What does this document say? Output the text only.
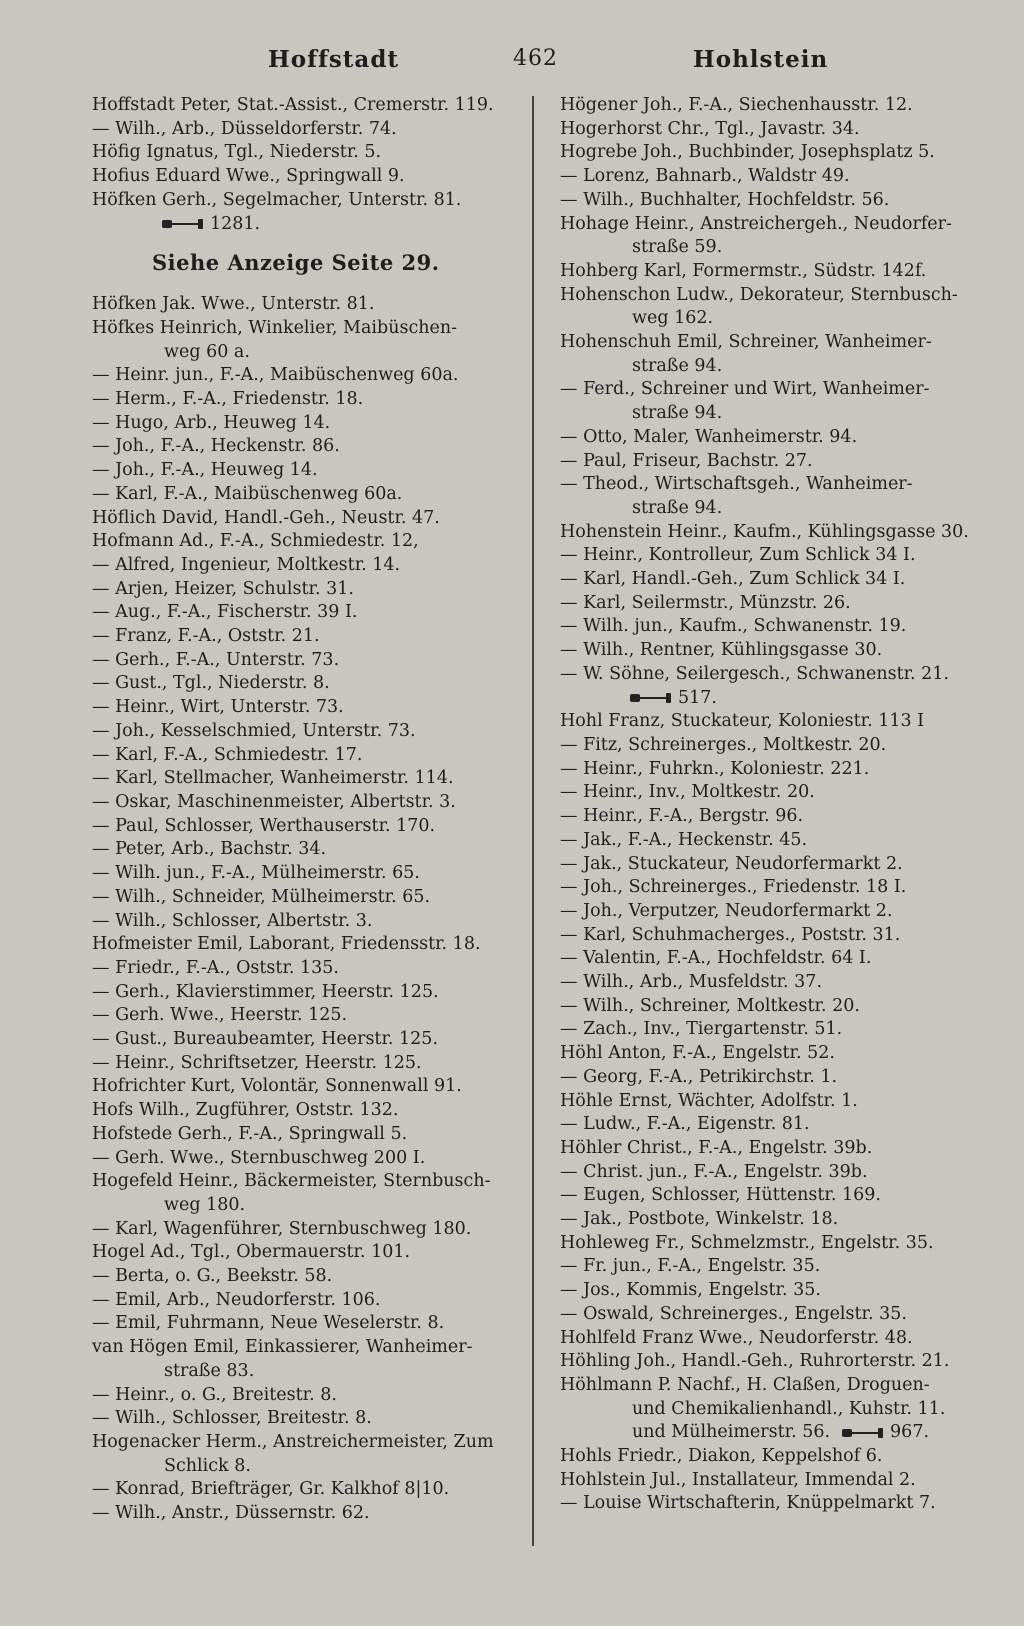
Hoffstadt	462	Hohlstein
Hoffstadt Peter, Stat.-Assist., Cremerstr. 119.
— Wilh., Arb., Düsseldorferstr. 74.
Höfig Ignatus, Tgl., Niederstr. 5.
Hofius Eduard Wwe., Springwall 9.
Höfken Gerh., Segelmacher, Unterstr. 81.
1281.
Siehe Anzeige Seite 29.
Höfken Jak. Wwe., Unterstr. 81.
Höfkes Heinrich, Winkelier, Maibüschen-
weg 60 a.
— Heinr. jun., F.-A., Maibüschenweg 60a.
— Herm., F.-A., Friedenstr. 18.
— Hugo, Arb., Heuweg 14.
— Joh., F.-A., Heckenstr. 86.
— Joh., F.-A., Heuweg 14.
— Karl, F.-A., Maibüschenweg 60a.
Höflich David, Handl.-Geh., Neustr. 47.
Hofmann Ad., F.-A., Schmiedestr. 12,
— Alfred, Ingenieur, Moltkestr. 14.
— Arjen, Heizer, Schulstr. 31.
— Aug., F.-A., Fischerstr. 39 I.
— Franz, F.-A., Oststr. 21.
— Gerh., F.-A., Unterstr. 73.
— Gust., Tgl., Niederstr. 8.
— Heinr., Wirt, Unterstr. 73.
— Joh., Kesselschmied, Unterstr. 73.
— Karl, F.-A., Schmiedestr. 17.
— Karl, Stellmacher, Wanheimerstr. 114.
— Oskar, Maschinenmeister, Albertstr. 3.
— Paul, Schlosser, Werthauserstr. 170.
— Peter, Arb., Bachstr. 34.
— Wilh. jun., F.-A., Mülheimerstr. 65.
— Wilh., Schneider, Mülheimerstr. 65.
— Wilh., Schlosser, Albertstr. 3.
Hofmeister Emil, Laborant, Friedensstr. 18.
— Friedr., F.-A., Oststr. 135.
— Gerh., Klavierstimmer, Heerstr. 125.
— Gerh. Wwe., Heerstr. 125.
— Gust., Bureaubeamter, Heerstr. 125.
— Heinr., Schriftsetzer, Heerstr. 125.
Hofrichter Kurt, Volontär, Sonnenwall 91.
Hofs Wilh., Zugführer, Oststr. 132.
Hofstede Gerh., F.-A., Springwall 5.
— Gerh. Wwe., Sternbuschweg 200 I.
Hogefeld Heinr., Bäckermeister, Sternbusch-
weg 180.
— Karl, Wagenführer, Sternbuschweg 180.
Hogel Ad., Tgl., Obermauerstr. 101.
— Berta, o. G., Beekstr. 58.
— Emil, Arb., Neudorferstr. 106.
— Emil, Fuhrmann, Neue Weselerstr. 8.
van Högen Emil, Einkassierer, Wanheimer-
straße 83.
— Heinr., o. G., Breitestr. 8.
— Wilh., Schlosser, Breitestr. 8.
Hogenacker Herm., Anstreichermeister, Zum
Schlick 8.
— Konrad, Briefträger, Gr. Kalkhof 8|10.
— Wilh., Anstr., Düssernstr. 62.
Högener Joh., F.-A., Siechenhausstr. 12.
Hogerhorst Chr., Tgl., Javastr. 34.
Hogrebe Joh., Buchbinder, Josephsplatz 5.
— Lorenz, Bahnarb., Waldstr 49.
— Wilh., Buchhalter, Hochfeldstr. 56.
Hohage Heinr., Anstreichergeh., Neudorfer-
straße 59.
Hohberg Karl, Formermstr., Südstr. 142f.
Hohenschon Ludw., Dekorateur, Sternbusch-
weg 162.
Hohenschuh Emil, Schreiner, Wanheimer-
straße 94.
— Ferd., Schreiner und Wirt, Wanheimer-
straße 94.
— Otto, Maler, Wanheimerstr. 94.
— Paul, Friseur, Bachstr. 27.
— Theod., Wirtschaftsgeh., Wanheimer-
straße 94.
Hohenstein Heinr., Kaufm., Kühlingsgasse 30.
— Heinr., Kontrolleur, Zum Schlick 34 I.
— Karl, Handl.-Geh., Zum Schlick 34 I.
— Karl, Seilermstr., Münzstr. 26.
— Wilh. jun., Kaufm., Schwanenstr. 19.
— Wilh., Rentner, Kühlingsgasse 30.
— W. Söhne, Seilergesch., Schwanenstr. 21.
517.
Hohl Franz, Stuckateur, Koloniestr. 113 I
— Fitz, Schreinerges., Moltkestr. 20.
— Heinr., Fuhrkn., Koloniestr. 221.
— Heinr., Inv., Moltkestr. 20.
— Heinr., F.-A., Bergstr. 96.
— Jak., F.-A., Heckenstr. 45.
— Jak., Stuckateur, Neudorfermarkt 2.
— Joh., Schreinerges., Friedenstr. 18 I.
— Joh., Verputzer, Neudorfermarkt 2.
— Karl, Schuhmacherges., Poststr. 31.
— Valentin, F.-A., Hochfeldstr. 64 I.
— Wilh., Arb., Musfeldstr. 37.
— Wilh., Schreiner, Moltkestr. 20.
— Zach., Inv., Tiergartenstr. 51.
Höhl Anton, F.-A., Engelstr. 52.
— Georg, F.-A., Petrikirchstr. 1.
Höhle Ernst, Wächter, Adolfstr. 1.
— Ludw., F.-A., Eigenstr. 81.
Höhler Christ., F.-A., Engelstr. 39b.
— Christ. jun., F.-A., Engelstr. 39b.
— Eugen, Schlosser, Hüttenstr. 169.
— Jak., Postbote, Winkelstr. 18.
Hohleweg Fr., Schmelzmstr., Engelstr. 35.
— Fr. jun., F.-A., Engelstr. 35.
— Jos., Kommis, Engelstr. 35.
— Oswald, Schreinerges., Engelstr. 35.
Hohlfeld Franz Wwe., Neudorferstr. 48.
Höhling Joh., Handl.-Geh., Ruhrorterstr. 21.
Höhlmann P. Nachf., H. Claßen, Droguen-
und Chemikalienhandl., Kuhstr. 11.
und Mülheimerstr. 56.	967.
Hohls Friedr., Diakon, Keppelshof 6.
Hohlstein Jul., Installateur, Immendal 2.
— Louise Wirtschafterin, Knüppelmarkt 7.
